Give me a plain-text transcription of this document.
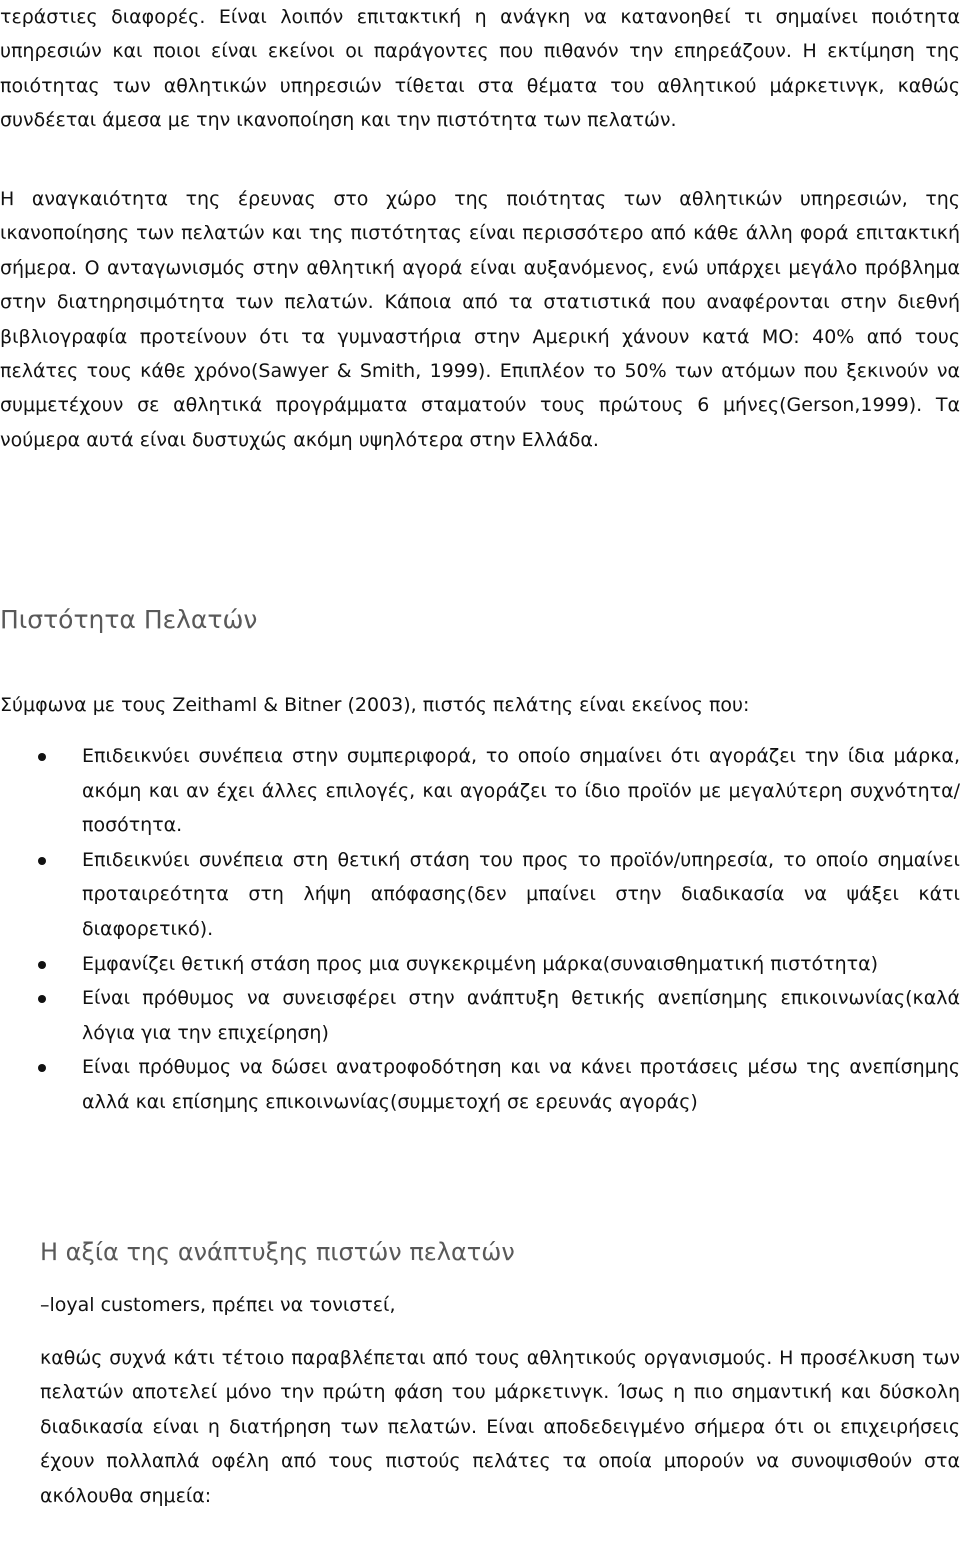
τεράστιες διαφορές. Είναι λοιπόν επιτακτική η ανάγκη να κατανοηθεί τι σημαίνει ποιότητα υπηρεσιών και ποιοι είναι εκείνοι οι παράγοντες που πιθανόν την επηρεάζουν. Η εκτίμηση της ποιότητας των αθλητικών υπηρεσιών τίθεται στα θέματα του αθλητικού μάρκετινγκ, καθώς συνδέεται άμεσα με την ικανοποίηση και την πιστότητα των πελατών.

Η αναγκαιότητα της έρευνας στο χώρο της ποιότητας των αθλητικών υπηρεσιών, της ικανοποίησης των πελατών και της πιστότητας είναι περισσότερο από κάθε άλλη φορά επιτακτική σήμερα. Ο ανταγωνισμός στην αθλητική αγορά είναι αυξανόμενος, ενώ υπάρχει μεγάλο πρόβλημα στην διατηρησιμότητα των πελατών. Κάποια από τα στατιστικά που αναφέρονται στην διεθνή βιβλιογραφία προτείνουν ότι τα γυμναστήρια στην Αμερική χάνουν κατά ΜΟ: 40% από τους πελάτες τους κάθε χρόνο(Sawyer & Smith, 1999). Επιπλέον το 50% των ατόμων που ξεκινούν να συμμετέχουν σε αθλητικά προγράμματα σταματούν τους πρώτους 6 μήνες(Gerson,1999). Τα νούμερα αυτά είναι δυστυχώς ακόμη υψηλότερα στην Ελλάδα.

Πιστότητα Πελατών

Σύμφωνα με τους Zeithaml & Bitner (2003), πιστός πελάτης είναι εκείνος που:

Επιδεικνύει συνέπεια στην συμπεριφορά, το οποίο σημαίνει ότι αγοράζει την ίδια μάρκα, ακόμη και αν έχει άλλες επιλογές, και αγοράζει το ίδιο προϊόν με μεγαλύτερη συχνότητα/ποσότητα.
Επιδεικνύει συνέπεια στη θετική στάση του προς το προϊόν/υπηρεσία, το οποίο σημαίνει προταιρεότητα στη λήψη απόφασης(δεν μπαίνει στην διαδικασία να ψάξει κάτι διαφορετικό).
Εμφανίζει θετική στάση προς μια συγκεκριμένη μάρκα(συναισθηματική πιστότητα)
Είναι πρόθυμος να συνεισφέρει στην ανάπτυξη θετικής ανεπίσημης επικοινωνίας(καλά λόγια για την επιχείρηση)
Είναι πρόθυμος να δώσει ανατροφοδότηση και να κάνει προτάσεις μέσω της ανεπίσημης αλλά και επίσημης επικοινωνίας(συμμετοχή σε ερευνάς αγοράς)
Η αξία της ανάπτυξης πιστών πελατών

–loyal customers, πρέπει να τονιστεί,

καθώς συχνά κάτι τέτοιο παραβλέπεται από τους αθλητικούς οργανισμούς. Η προσέλκυση των πελατών αποτελεί μόνο την πρώτη φάση του μάρκετινγκ. Ίσως η πιο σημαντική και δύσκολη διαδικασία είναι η διατήρηση των πελατών. Είναι αποδεδειγμένο σήμερα ότι οι επιχειρήσεις έχουν πολλαπλά οφέλη από τους πιστούς πελάτες τα οποία μπορούν να συνοψισθούν στα ακόλουθα σημεία:
